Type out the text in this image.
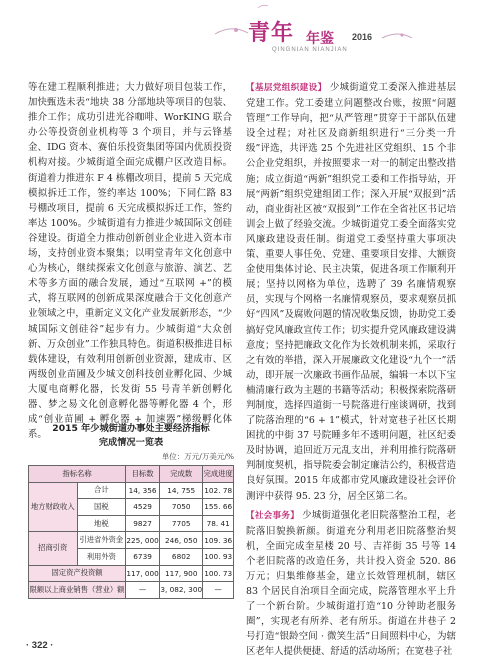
青年 年鉴 2016
QINGNIAN NIANJIAN

等在建工程顺利推进；大力做好项目包装工作，加快甄选未表“地块 38 分部地块等项目的包装、推介工作；成功引进光谷咖啡、WorKING 联合办公等投资创业机构等 3 个项目，并与云锋基金、IDG 资本、赛伯乐投资集团等国内优质投资机构对接。少城街道全面完成棚户区改造目标。街道着力推进东 F 4 栋棚改项目，提前 5 天完成模拟拆迁工作，签约率达 100%；下同仁路 83 号棚改项目，提前 6 天完成模拟拆迁工作，签约率达 100%。少城街道有力推进少城国际文创硅谷建设。街道全力推动创新创业企业进入资本市场，支持创业资本聚集；以明堂青年文化创意中心为核心，继续探索文化创意与旅游、演艺、艺术等多方面的融合发展，通过“互联网 +”的模式，将互联网的创新成果深度融合于文化创意产业领域之中，重新定义文化产业发展新形态，“少城国际文创硅谷”起步有力。少城街道“大众创新、万众创业”工作独具特色。街道积极推进目标载体建设，有效利用创新创业资源，建成市、区两级创业苗圃及少城文创科技创业孵化园、少城大厦电商孵化器，长发街 55 号青羊新创孵化器、梦之易文化创意孵化器等孵化器 4 个，形成“创业苗圃 + 孵化器 + 加速器”梯级孵化体系。

2015 年少城街道办事处主要经济指标
完成情况一览表
单位：万元/万美元/%
指标名称		目标数	完成数	完成进度
地方财政收入	合计	14, 356	14, 755	102. 78
	国税	4529	7050	155. 66
	地税	9827	7705	78. 41
招商引资	引进省外资金	225, 000	246, 050	109. 36
	利用外资	6739	6802	100. 93
固定资产投资额		117, 000	117, 900	100. 73
限额以上商业销售（营业）额		—	3, 082, 300	—

【基层党组织建设】 少城街道党工委深入推进基层党建工作。党工委建立问题整改台账，按照“问题管理”工作导向，把“从严管理”贯穿于干部队伍建设全过程；对社区及商新组织进行“三分类一升级”评选，共评选 25 个先进社区党组织、15 个非公企业党组织，并按照要求一对一的制定出整改措施；成立街道“两新”组织党工委和工作指导站，开展“两新”组织党建组团工作；深入开展“双报到”活动，商业街社区被“双报到”工作在全省社区书记培训会上做了经验交流。少城街道党工委全面落实党风廉政建设责任制。街道党工委坚持重大事项决策、重要人事任免、党建、重要项目安排、大额资金使用集体讨论、民主决策，促进各项工作顺利开展；坚持以网格为单位，选聘了 39 名廉情观察员，实现与个网格一名廉情观察员，要求观察员抓好“四风”及腐败问题的情况收集反馈，协助党工委搞好党风廉政宣传工作；切实提升党风廉政建设满意度；坚持把廉政文化作为长效机制来抓，采取行之有效的举措，深入开展廉政文化建设“九个一”活动，即开展一次廉政书画作品展，编辑一本以下宝楠清廉行政为主题的书籍等活动；积极探索院落研判制度，选择四道街一号院落进行座谈调研，找到了院落治理的“6 + 1”模式，针对宽巷子社区长期困扰的中街 37 号院睡多年不透明问题，社区纪委及时协调，追回近万元乱支出，并利用推行院落研判制度契机，指导院委会制定廉洁公约，积极营造良好氛围。2015 年成都市党风廉政建设社会评价测评中获得 95. 23 分，居全区第二名。

【社会事务】 少城街道强化老旧院落整治工程，老院落旧貌换新颜。街道充分利用老旧院落整治契机，全面完成奎星楼 20 号、吉祥街 35 号等 14 个老旧院落的改造任务，共计投入资金 520. 86 万元；归集维修基金，建立长效管理机制，辖区 83 个居民自治项目全面完成，院落管理水平上升了一个新台阶。少城街道打造“10 分钟助老服务圈”，实现老有所养、老有所乐。街道在井巷子 2 号打造“银龄空间 · 微笑生活”日间照料中心，为辖区老年人提供便捷、舒适的活动场所；在宽巷子社

· 322 ·
